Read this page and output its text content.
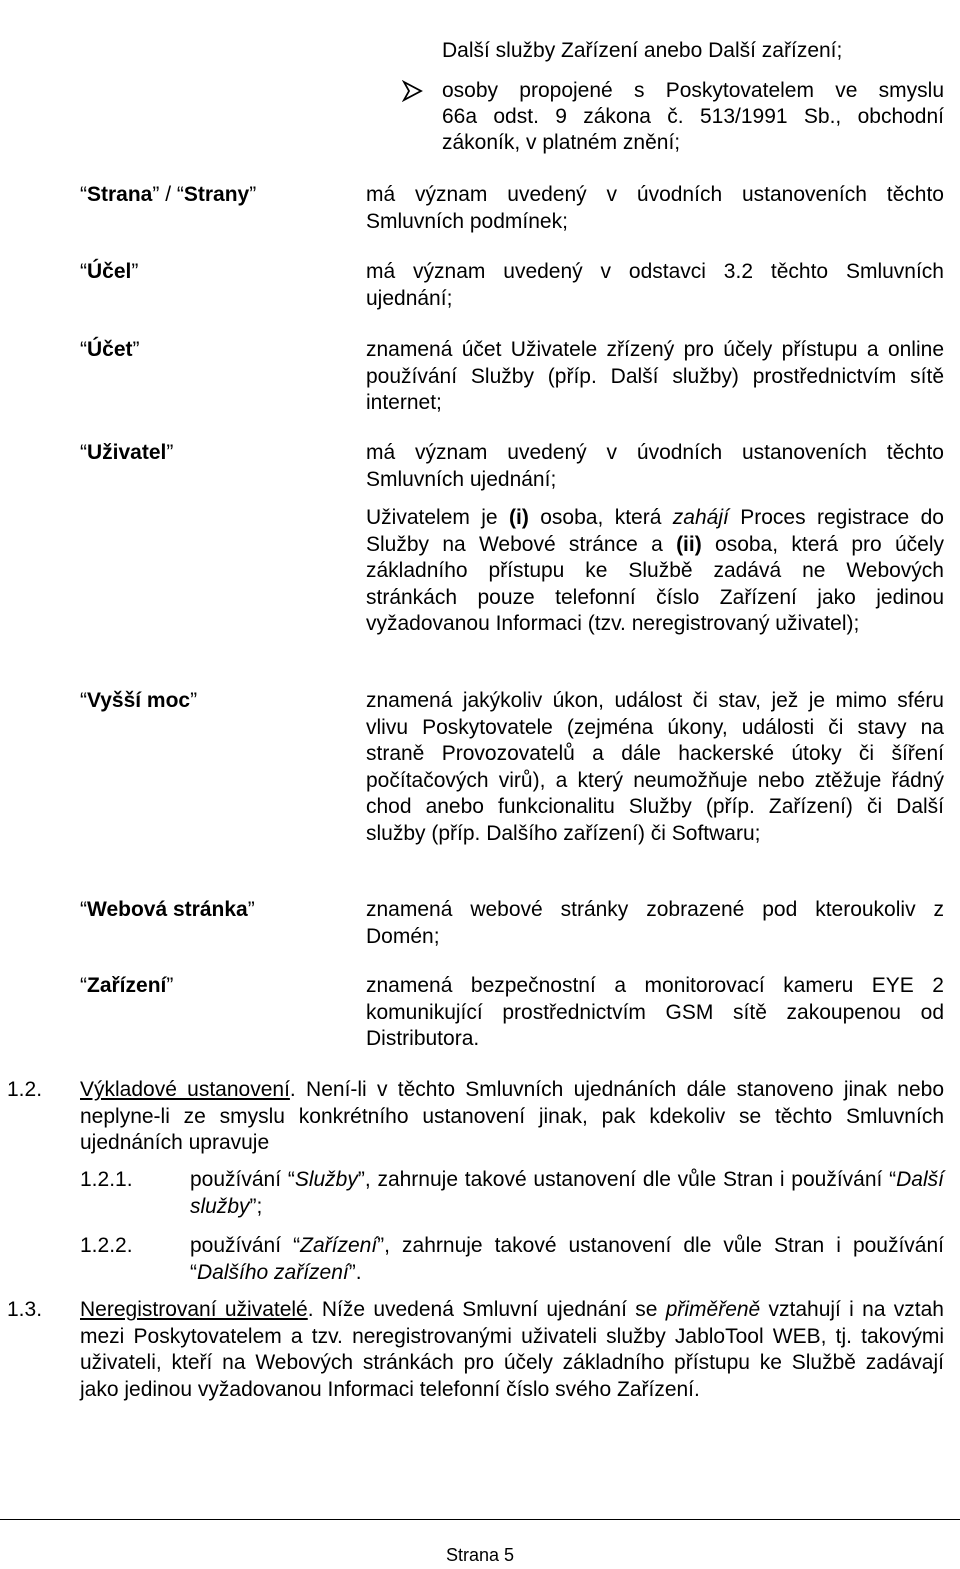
Další služby Zařízení anebo Další zařízení;
osoby propojené s Poskytovatelem ve smyslu
66a odst. 9 zákona č. 513/1991 Sb., obchodní
zákoník, v platném znění;
“Strana” / “Strany”	má význam uvedený v úvodních ustanoveních těchto Smluvních podmínek;
“Účel”	má význam uvedený v odstavci 3.2 těchto Smluvních ujednání;
“Účet”	znamená účet Uživatele zřízený pro účely přístupu a online používání Služby (příp. Další služby) prostřednictvím sítě internet;
“Uživatel”	má význam uvedený v úvodních ustanoveních těchto Smluvních ujednání;
Uživatelem je (i) osoba, která zahájí Proces registrace do Služby na Webové stránce a (ii) osoba, která pro účely základního přístupu ke Službě zadává ne Webových stránkách pouze telefonní číslo Zařízení jako jedinou vyžadovanou Informaci (tzv. neregistrovaný uživatel);
“Vyšší moc”	znamená jakýkoliv úkon, událost či stav, jež je mimo sféru vlivu Poskytovatele (zejména úkony, události či stavy na straně Provozovatelů a dále hackerské útoky či šíření počítačových virů), a který neumožňuje nebo ztěžuje řádný chod anebo funkcionalitu Služby (příp. Zařízení) či Další služby (příp. Dalšího zařízení) či Softwaru;
“Webová stránka”	znamená webové stránky zobrazené pod kteroukoliv z Domén;
“Zařízení”	znamená bezpečnostní a monitorovací kameru EYE 2 komunikující prostřednictvím GSM sítě zakoupenou od Distributora.
1.2. Výkladové ustanovení. Není-li v těchto Smluvních ujednáních dále stanoveno jinak nebo neplyne-li ze smyslu konkrétního ustanovení jinak, pak kdekoliv se těchto Smluvních ujednáních upravuje
1.2.1.	používání “Služby”, zahrnuje takové ustanovení dle vůle Stran i používání “Další služby”;
1.2.2.	používání “Zařízení”, zahrnuje takové ustanovení dle vůle Stran i používání “Dalšího zařízení”.
1.3. Neregistrovaní uživatelé. Níže uvedená Smluvní ujednání se přiměřeně vztahují i na vztah mezi Poskytovatelem a tzv. neregistrovanými uživateli služby JabloTool WEB, tj. takovými uživateli, kteří na Webových stránkách pro účely základního přístupu ke Službě zadávají jako jedinou vyžadovanou Informaci telefonní číslo svého Zařízení.
Strana 5
